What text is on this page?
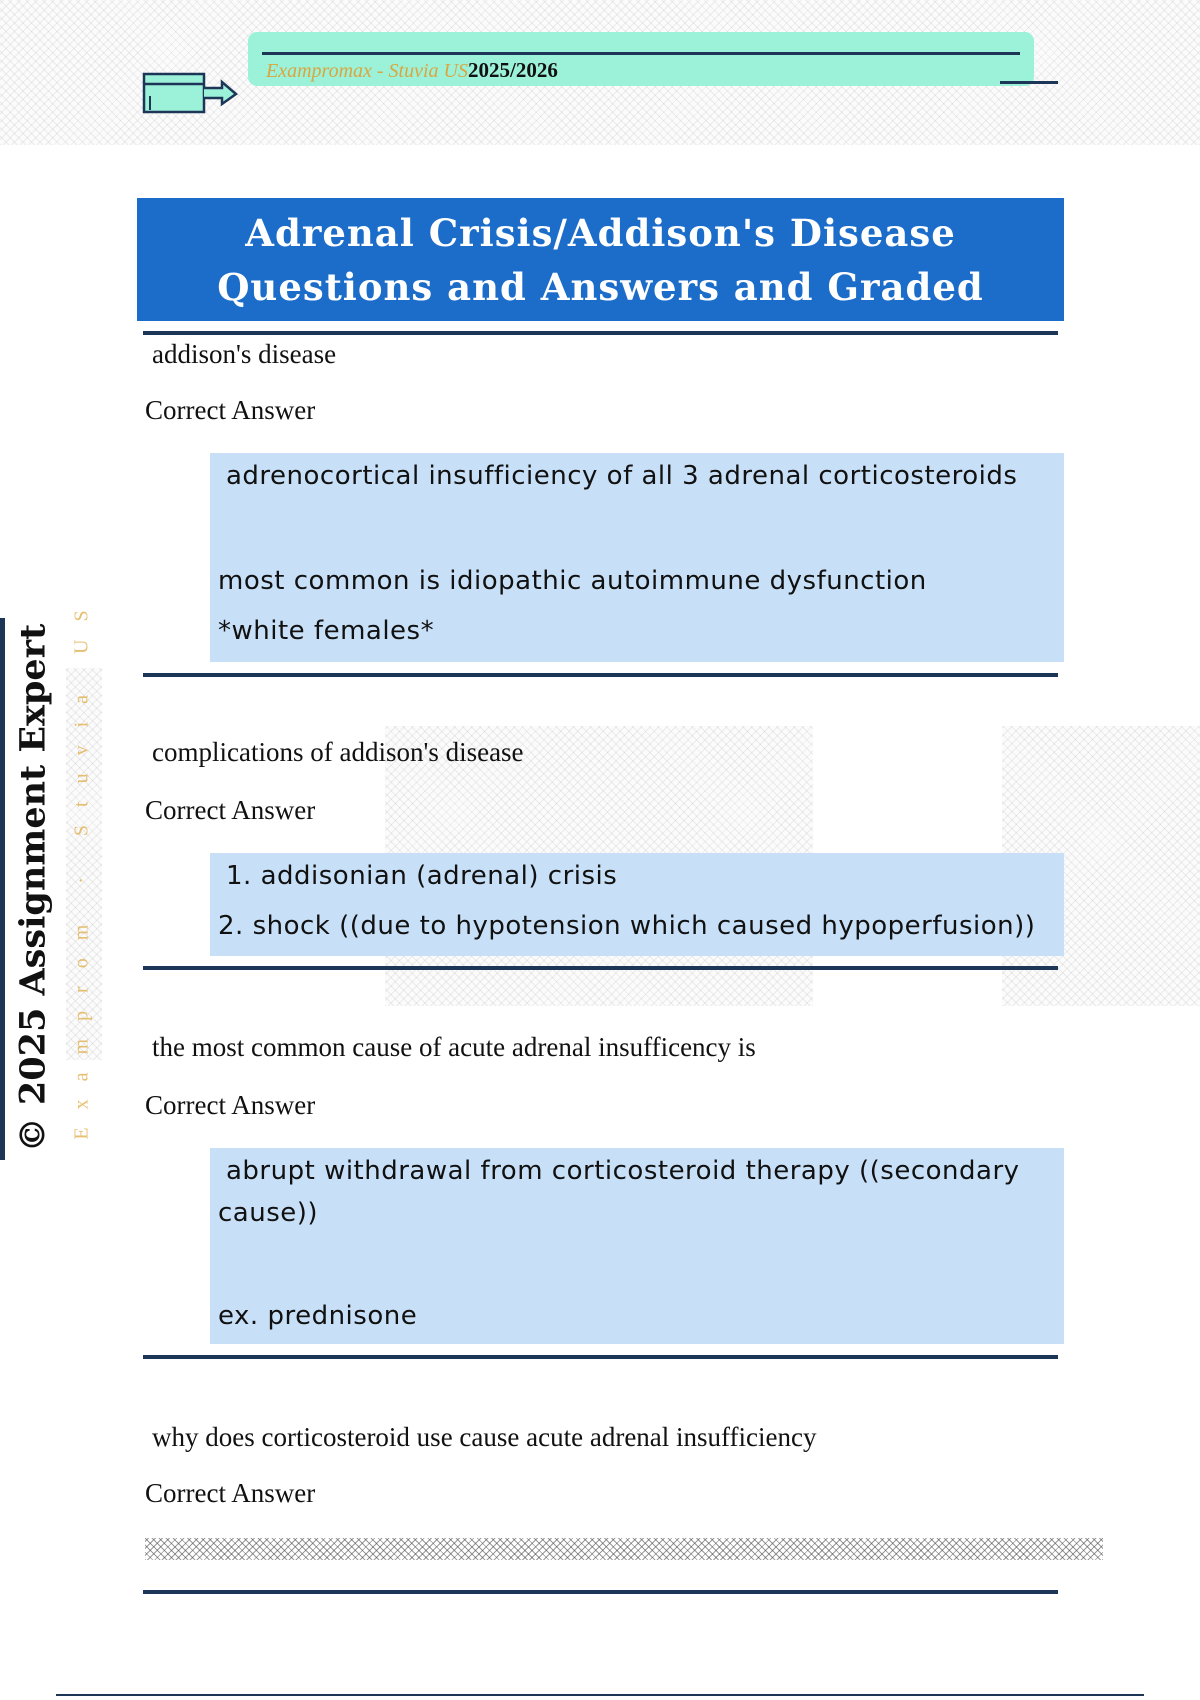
Exampromax - Stuvia US2025/2026
Adrenal Crisis/Addison's Disease Questions and Answers and Graded
addison's disease
Correct Answer
adrenocortical insufficiency of all 3 adrenal corticosteroids
most common is idiopathic autoimmune dysfunction
*white females*
complications of addison's disease
Correct Answer
1. addisonian (adrenal) crisis
2. shock ((due to hypotension which caused hypoperfusion))
the most common cause of acute adrenal insufficency is
Correct Answer
abrupt withdrawal from corticosteroid therapy ((secondary
cause))
ex. prednisone
why does corticosteroid use cause acute adrenal insufficiency
Correct Answer
Examprom · Stuvia US
© 2025 Assignment Expert
